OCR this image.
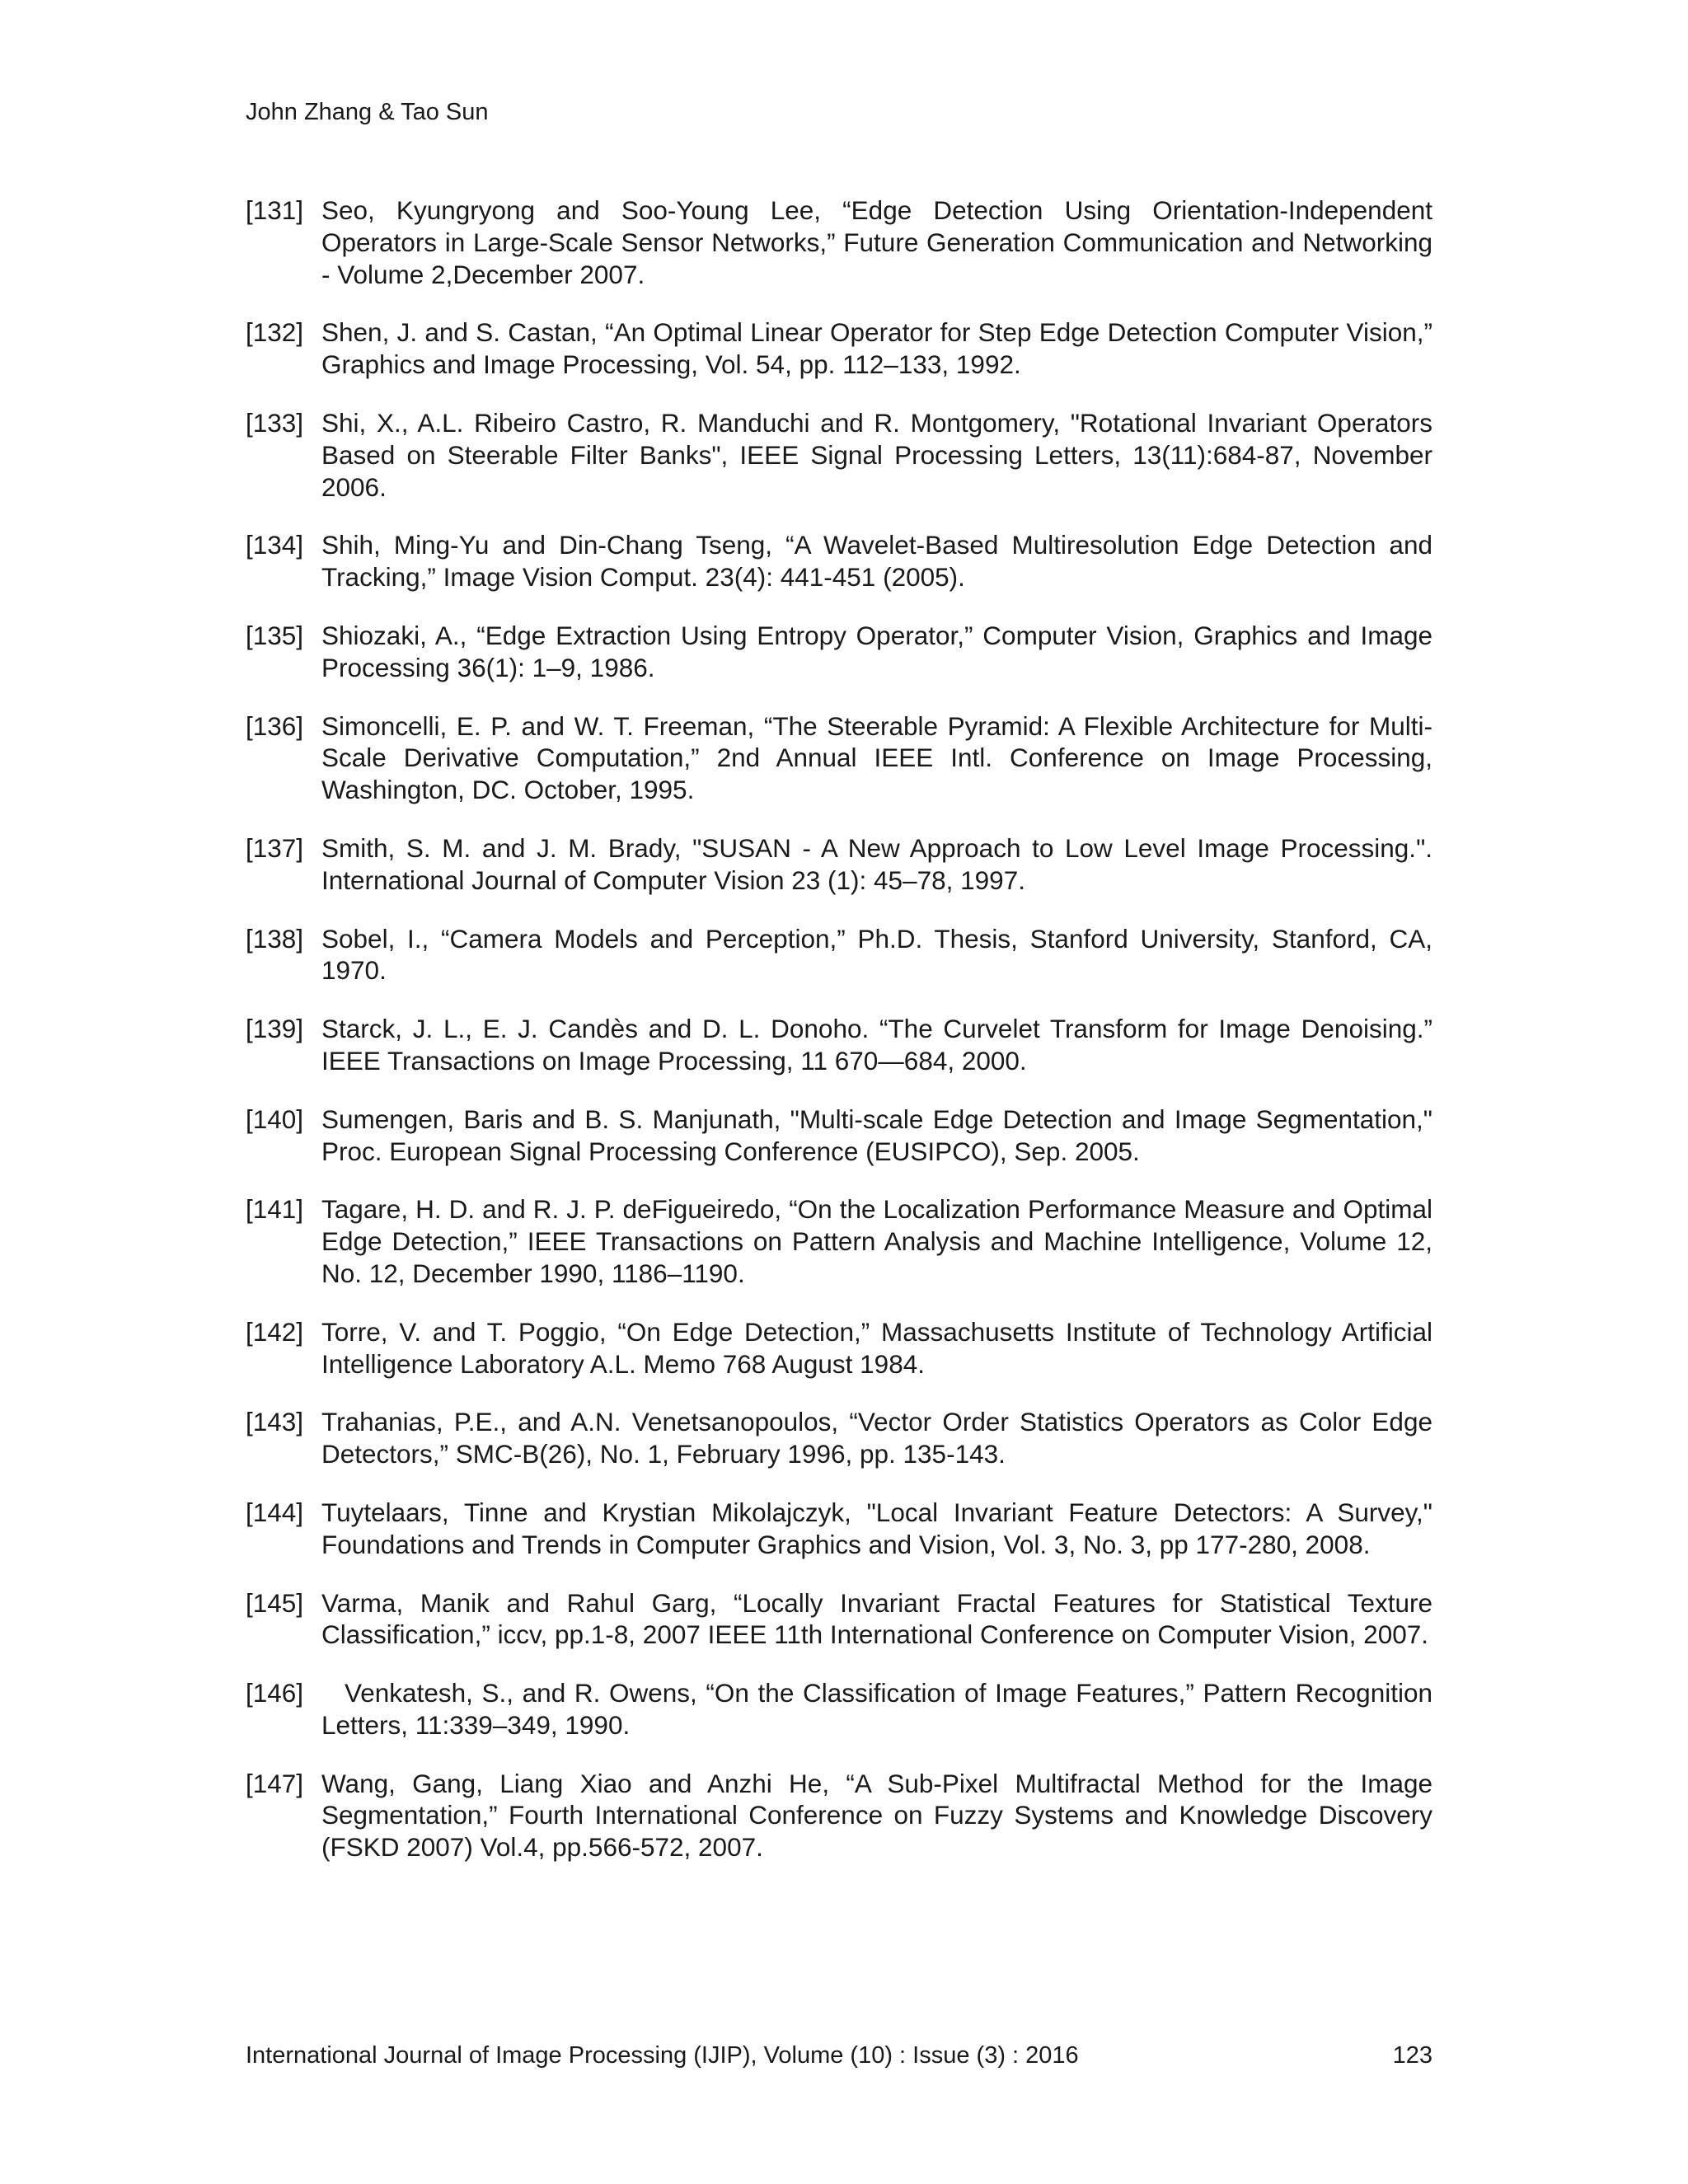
John Zhang & Tao Sun
[131] Seo, Kyungryong and Soo-Young Lee, “Edge Detection Using Orientation-Independent Operators in Large-Scale Sensor Networks,” Future Generation Communication and Networking - Volume 2,December 2007.
[132] Shen, J. and S. Castan, “An Optimal Linear Operator for Step Edge Detection Computer Vision,” Graphics and Image Processing, Vol. 54, pp. 112–133, 1992.
[133] Shi, X., A.L. Ribeiro Castro, R. Manduchi and R. Montgomery, "Rotational Invariant Operators Based on Steerable Filter Banks", IEEE Signal Processing Letters, 13(11):684-87, November 2006.
[134] Shih, Ming-Yu and Din-Chang Tseng, “A Wavelet-Based Multiresolution Edge Detection and Tracking,” Image Vision Comput. 23(4): 441-451 (2005).
[135] Shiozaki, A., “Edge Extraction Using Entropy Operator,” Computer Vision, Graphics and Image Processing 36(1): 1–9, 1986.
[136] Simoncelli, E. P. and W. T. Freeman, “The Steerable Pyramid: A Flexible Architecture for Multi-Scale Derivative Computation,” 2nd Annual IEEE Intl. Conference on Image Processing, Washington, DC. October, 1995.
[137] Smith, S. M. and J. M. Brady, "SUSAN - A New Approach to Low Level Image Processing.". International Journal of Computer Vision 23 (1): 45–78, 1997.
[138] Sobel, I., “Camera Models and Perception,” Ph.D. Thesis, Stanford University, Stanford, CA, 1970.
[139] Starck, J. L., E. J. Candès and D. L. Donoho. “The Curvelet Transform for Image Denoising.” IEEE Transactions on Image Processing, 11 670—684, 2000.
[140] Sumengen, Baris and B. S. Manjunath, "Multi-scale Edge Detection and Image Segmentation," Proc. European Signal Processing Conference (EUSIPCO), Sep. 2005.
[141] Tagare, H. D. and R. J. P. deFigueiredo, “On the Localization Performance Measure and Optimal Edge Detection,” IEEE Transactions on Pattern Analysis and Machine Intelligence, Volume 12, No. 12, December 1990, 1186–1190.
[142] Torre, V. and T. Poggio, “On Edge Detection,” Massachusetts Institute of Technology Artificial Intelligence Laboratory A.L. Memo 768 August 1984.
[143] Trahanias, P.E., and A.N. Venetsanopoulos, “Vector Order Statistics Operators as Color Edge Detectors,” SMC-B(26), No. 1, February 1996, pp. 135-143.
[144] Tuytelaars, Tinne and Krystian Mikolajczyk, "Local Invariant Feature Detectors: A Survey," Foundations and Trends in Computer Graphics and Vision, Vol. 3, No. 3, pp 177-280, 2008.
[145] Varma, Manik and Rahul Garg, “Locally Invariant Fractal Features for Statistical Texture Classification,” iccv, pp.1-8, 2007 IEEE 11th International Conference on Computer Vision, 2007.
[146]	Venkatesh, S., and R. Owens, “On the Classification of Image Features,” Pattern Recognition Letters, 11:339–349, 1990.
[147] Wang, Gang, Liang Xiao and Anzhi He, “A Sub-Pixel Multifractal Method for the Image Segmentation,” Fourth International Conference on Fuzzy Systems and Knowledge Discovery (FSKD 2007) Vol.4, pp.566-572, 2007.
International Journal of Image Processing (IJIP), Volume (10) : Issue (3) : 2016	123
